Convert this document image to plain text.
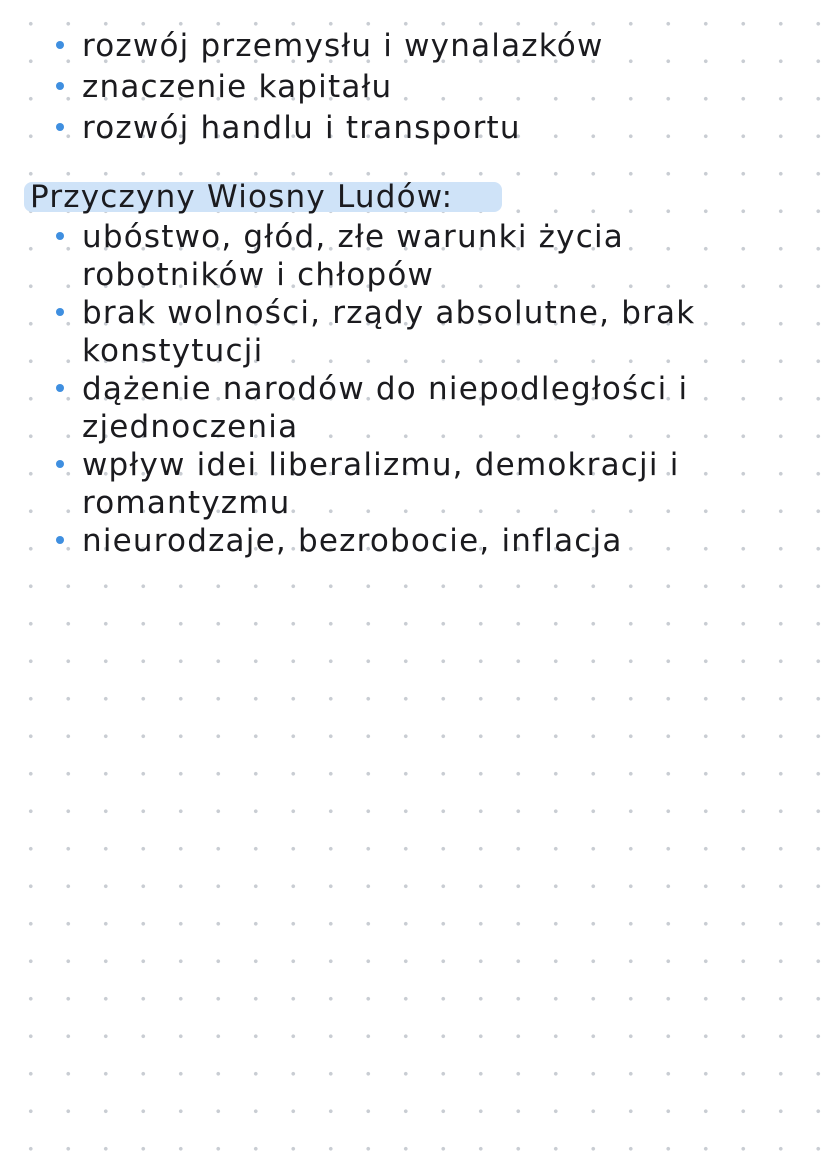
rozwój przemysłu i wynalazków
znaczenie kapitału
rozwój handlu i transportu
Przyczyny Wiosny Ludów:
ubóstwo, głód, złe warunki życia
robotników i chłopów
brak wolności, rządy absolutne, brak
konstytucji
dążenie narodów do niepodległości i
zjednoczenia
wpływ idei liberalizmu, demokracji i
romantyzmu
nieurodzaje, bezrobocie, inflacja
